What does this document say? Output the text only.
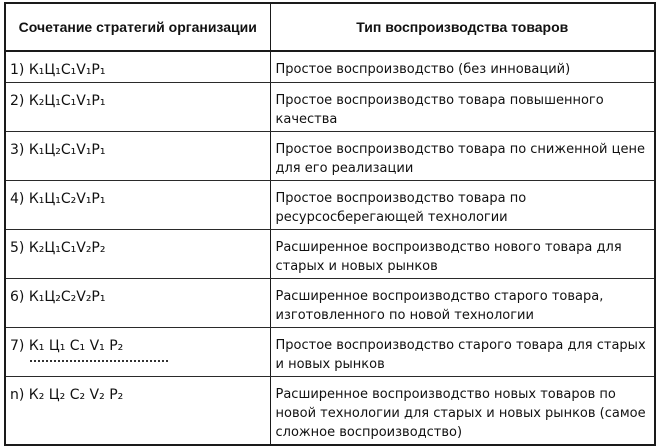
Сочетание стратегий организации	Тип воспроизводства товаров
1) К₁Ц₁С₁V₁P₁	Простое воспроизводство (без инноваций)
2) К₂Ц₁С₁V₁P₁	Простое воспроизводство товара повышенного качества
3) К₁Ц₂С₁V₁P₁	Простое воспроизводство товара по сниженной цене для его реализации
4) К₁Ц₁С₂V₁P₁	Простое воспроизводство товара по ресурсосберегающей технологии
5) К₂Ц₁С₁V₂P₂	Расширенное воспроизводство нового товара для старых и новых рынков
6) К₁Ц₂С₂V₂P₁	Расширенное воспроизводство старого товара, изготовленного по новой технологии
7) К₁ Ц₁ С₁ V₁ P₂	Простое воспроизводство старого товара для старых и новых рынков
n) К₂ Ц₂ С₂ V₂ P₂	Расширенное воспроизводство новых товаров по новой технологии для старых и новых рынков (самое сложное воспроизводство)
